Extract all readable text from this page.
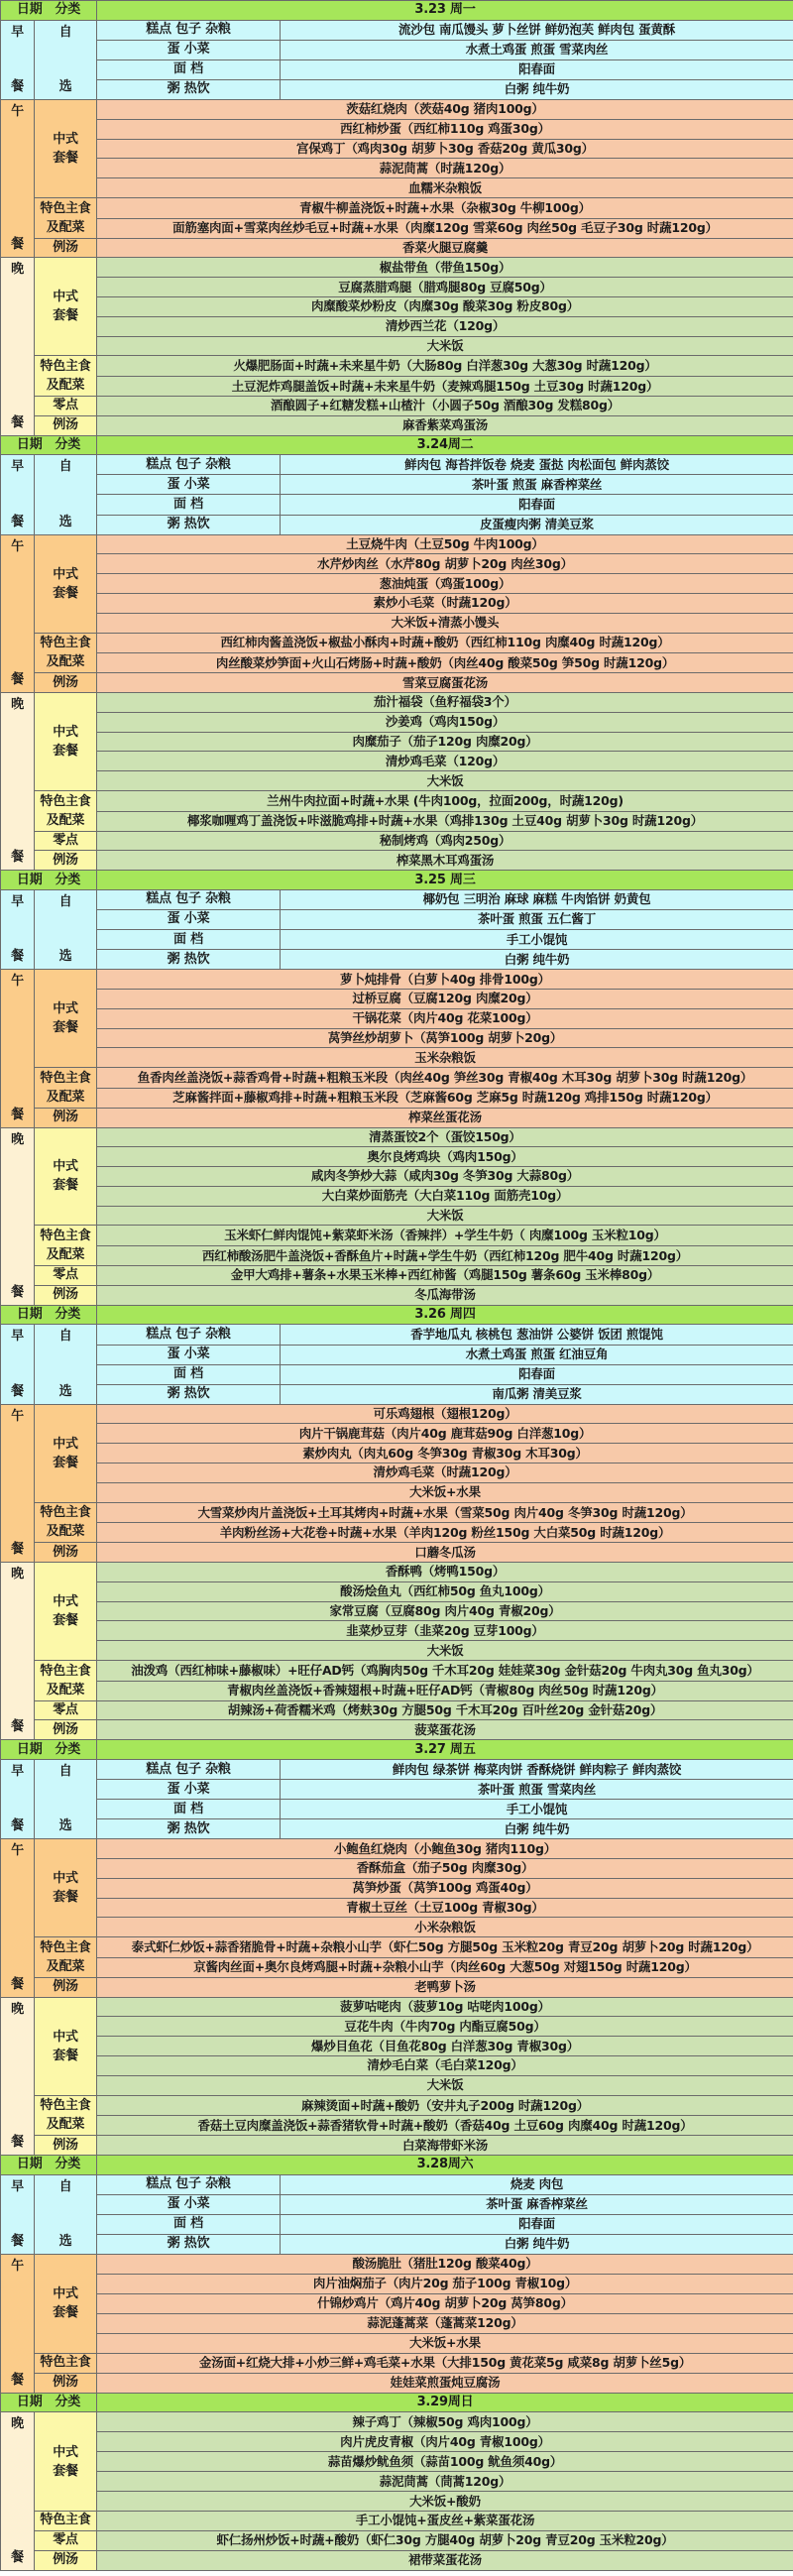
日期 分类		3.23 周一	

早
餐	自
选	糕点 包子 杂粮	流沙包 南瓜馒头 萝卜丝饼 鲜奶泡芙 鲜肉包 蛋黄酥
		蛋 小菜	水煮土鸡蛋 煎蛋 雪菜肉丝
		面 档	阳春面
		粥 热饮	白粥 纯牛奶

午
餐

中式
套餐
	茨菇红烧肉（茨菇40g 猪肉100g）
		西红柿炒蛋（西红柿110g 鸡蛋30g）	
		宫保鸡丁（鸡肉30g 胡萝卜30g 香菇20g 黄瓜30g）	
		蒜泥茼蒿（时蔬120g）	
		血糯米杂粮饭	

	特色主食
及配菜	青椒牛柳盖浇饭+时蔬+水果（杂椒30g 牛柳100g）	
		面筋塞肉面+雪菜肉丝炒毛豆+时蔬+水果（肉糜120g 雪菜60g 肉丝50g 毛豆子30g 时蔬120g）	
	例汤	香菜火腿豆腐羹	

晚
餐

中式
套餐
	椒盐带鱼（带鱼150g）
		豆腐蒸腊鸡腿（腊鸡腿80g 豆腐50g）	
		肉糜酸菜炒粉皮（肉糜30g 酸菜30g 粉皮80g）	
		清炒西兰花（120g）	
		大米饭	

	特色主食
及配菜	火爆肥肠面+时蔬+未来星牛奶（大肠80g 白洋葱30g 大葱30g 时蔬120g）	
		土豆泥炸鸡腿盖饭+时蔬+未来星牛奶（麦辣鸡腿150g 土豆30g 时蔬120g）	
	零点	酒酿圆子+红糖发糕+山楂汁（小圆子50g 酒酿30g 发糕80g）	
	例汤	麻香紫菜鸡蛋汤	
日期 分类		3.24周二	

早
餐	自
选	糕点 包子 杂粮	鲜肉包 海苔拌饭卷 烧麦 蛋挞 肉松面包 鲜肉蒸饺
		蛋 小菜	茶叶蛋 煎蛋 麻香榨菜丝
		面 档	阳春面
		粥 热饮	皮蛋瘦肉粥 清美豆浆

午
餐

中式
套餐
	土豆烧牛肉（土豆50g 牛肉100g）
		水芹炒肉丝（水芹80g 胡萝卜20g 肉丝30g）	
		葱油炖蛋（鸡蛋100g）	
		素炒小毛菜（时蔬120g）	
		大米饭+清蒸小馒头	

	特色主食
及配菜	西红柿肉酱盖浇饭+椒盐小酥肉+时蔬+酸奶（西红柿110g 肉糜40g 时蔬120g）	
		肉丝酸菜炒笋面+火山石烤肠+时蔬+酸奶（肉丝40g 酸菜50g 笋50g 时蔬120g）	
	例汤	雪菜豆腐蛋花汤	

晚
餐

中式
套餐
	茄汁福袋（鱼籽福袋3个）
		沙姜鸡（鸡肉150g）	
		肉糜茄子（茄子120g 肉糜20g）	
		清炒鸡毛菜（120g）	
		大米饭	

	特色主食
及配菜	兰州牛肉拉面+时蔬+水果 (牛肉100g，拉面200g，时蔬120g)	
		椰浆咖喱鸡丁盖浇饭+咔滋脆鸡排+时蔬+水果（鸡排130g 土豆40g 胡萝卜30g 时蔬120g）	
	零点	秘制烤鸡（鸡肉250g）	
	例汤	榨菜黑木耳鸡蛋汤	
日期 分类		3.25 周三	

早
餐	自
选	糕点 包子 杂粮	椰奶包 三明治 麻球 麻糕 牛肉馅饼 奶黄包
		蛋 小菜	茶叶蛋 煎蛋 五仁酱丁
		面 档	手工小馄饨
		粥 热饮	白粥 纯牛奶

午
餐

中式
套餐
	萝卜炖排骨（白萝卜40g 排骨100g）
		过桥豆腐（豆腐120g 肉糜20g）	
		干锅花菜（肉片40g 花菜100g）	
		莴笋丝炒胡萝卜（莴笋100g 胡萝卜20g）	
		玉米杂粮饭	

	特色主食
及配菜	鱼香肉丝盖浇饭+蒜香鸡骨+时蔬+粗粮玉米段（肉丝40g 笋丝30g 青椒40g 木耳30g 胡萝卜30g 时蔬120g）	
		芝麻酱拌面+藤椒鸡排+时蔬+粗粮玉米段（芝麻酱60g 芝麻5g 时蔬120g 鸡排150g 时蔬120g）	
	例汤	榨菜丝蛋花汤	

晚
餐

中式
套餐
	清蒸蛋饺2个（蛋饺150g）
		奥尔良烤鸡块（鸡肉150g）	
		咸肉冬笋炒大蒜（咸肉30g 冬笋30g 大蒜80g）	
		大白菜炒面筋壳（大白菜110g 面筋壳10g）	
		大米饭	

	特色主食
及配菜	玉米虾仁鲜肉馄饨+紫菜虾米汤（香辣拌）+学生牛奶（ 肉糜100g 玉米粒10g）	
		西红柿酸汤肥牛盖浇饭+香酥鱼片+时蔬+学生牛奶（西红柿120g 肥牛40g 时蔬120g）	
	零点	金甲大鸡排+薯条+水果玉米棒+西红柿酱（鸡腿150g 薯条60g 玉米棒80g）	
	例汤	冬瓜海带汤	
日期 分类		3.26 周四	

早
餐	自
选	糕点 包子 杂粮	香芋地瓜丸 核桃包 葱油饼 公婆饼 饭团 煎馄饨
		蛋 小菜	水煮土鸡蛋 煎蛋 红油豆角
		面 档	阳春面
		粥 热饮	南瓜粥 清美豆浆

午
餐

中式
套餐
	可乐鸡翅根（翅根120g）
		肉片干锅鹿茸菇（肉片40g 鹿茸菇90g 白洋葱10g）	
		素炒肉丸（肉丸60g 冬笋30g 青椒30g 木耳30g）	
		清炒鸡毛菜（时蔬120g）	
		大米饭+水果	

	特色主食
及配菜	大雪菜炒肉片盖浇饭+土耳其烤肉+时蔬+水果（雪菜50g 肉片40g 冬笋30g 时蔬120g）	
		羊肉粉丝汤+大花卷+时蔬+水果（羊肉120g 粉丝150g 大白菜50g 时蔬120g）	
	例汤	口蘑冬瓜汤	

晚
餐

中式
套餐
	香酥鸭（烤鸭150g）
		酸汤烩鱼丸（西红柿50g 鱼丸100g）	
		家常豆腐（豆腐80g 肉片40g 青椒20g）	
		韭菜炒豆芽（韭菜20g 豆芽100g）	
		大米饭	

	特色主食
及配菜	油泼鸡（西红柿味+藤椒味）+旺仔AD钙（鸡胸肉50g 千木耳20g 娃娃菜30g 金针菇20g 牛肉丸30g 鱼丸30g）	
		青椒肉丝盖浇饭+香辣翅根+时蔬+旺仔AD钙（青椒80g 肉丝50g 时蔬120g）	
	零点	胡辣汤+荷香糯米鸡（烤麸30g 方腿50g 千木耳20g 百叶丝20g 金针菇20g）	
	例汤	菠菜蛋花汤	
日期 分类		3.27 周五	

早
餐	自
选	糕点 包子 杂粮	鲜肉包 绿茶饼 梅菜肉饼 香酥烧饼 鲜肉粽子 鲜肉蒸饺
		蛋 小菜	茶叶蛋 煎蛋 雪菜肉丝
		面 档	手工小馄饨
		粥 热饮	白粥 纯牛奶

午
餐

中式
套餐
	小鲍鱼红烧肉（小鲍鱼30g 猪肉110g）
		香酥茄盒（茄子50g 肉糜30g）	
		莴笋炒蛋（莴笋100g 鸡蛋40g）	
		青椒土豆丝（土豆100g 青椒30g）	
		小米杂粮饭	

	特色主食
及配菜	泰式虾仁炒饭+蒜香猪脆骨+时蔬+杂粮小山芋（虾仁50g 方腿50g 玉米粒20g 青豆20g 胡萝卜20g 时蔬120g）	
		京酱肉丝面+奥尔良烤鸡腿+时蔬+杂粮小山芋（肉丝60g 大葱50g 对翅150g 时蔬120g）	
	例汤	老鸭萝卜汤	

晚
餐

中式
套餐
	菠萝咕咾肉（菠萝10g 咕咾肉100g）
		豆花牛肉（牛肉70g 内酯豆腐50g）	
		爆炒目鱼花（目鱼花80g 白洋葱30g 青椒30g）	
		清炒毛白菜（毛白菜120g）	
		大米饭	

	特色主食
及配菜	麻辣烫面+时蔬+酸奶（安井丸子200g 时蔬120g）	
		香菇土豆肉糜盖浇饭+蒜香猪软骨+时蔬+酸奶（香菇40g 土豆60g 肉糜40g 时蔬120g）	
	例汤	白菜海带虾米汤	
日期 分类		3.28周六	

早
餐	自
选	糕点 包子 杂粮	烧麦 肉包
		蛋 小菜	茶叶蛋 麻香榨菜丝
		面 档	阳春面
		粥 热饮	白粥 纯牛奶

午
餐

中式
套餐
	酸汤脆肚（猪肚120g 酸菜40g）
		肉片油焖茄子（肉片20g 茄子100g 青椒10g）	
		什锦炒鸡片（鸡片40g 胡萝卜20g 莴笋80g）	
		蒜泥蓬蒿菜（蓬蒿菜120g）	
		大米饭+水果	
	特色主食	金汤面+红烧大排+小炒三鲜+鸡毛菜+水果（大排150g 黄花菜5g 咸菜8g 胡萝卜丝5g）	
	例汤	娃娃菜煎蛋炖豆腐汤	
日期 分类		3.29周日	

晚
餐

中式
套餐
	辣子鸡丁（辣椒50g 鸡肉100g）
		肉片虎皮青椒（肉片40g 青椒100g）	
		蒜苗爆炒鱿鱼须（蒜苗100g 鱿鱼须40g）	
		蒜泥茼蒿（茼蒿120g）	
		大米饭+酸奶	
	特色主食	手工小馄饨+蛋皮丝+紫菜蛋花汤	
	零点	虾仁扬州炒饭+时蔬+酸奶（虾仁30g 方腿40g 胡萝卜20g 青豆20g 玉米粒20g）	
	例汤	裙带菜蛋花汤	
